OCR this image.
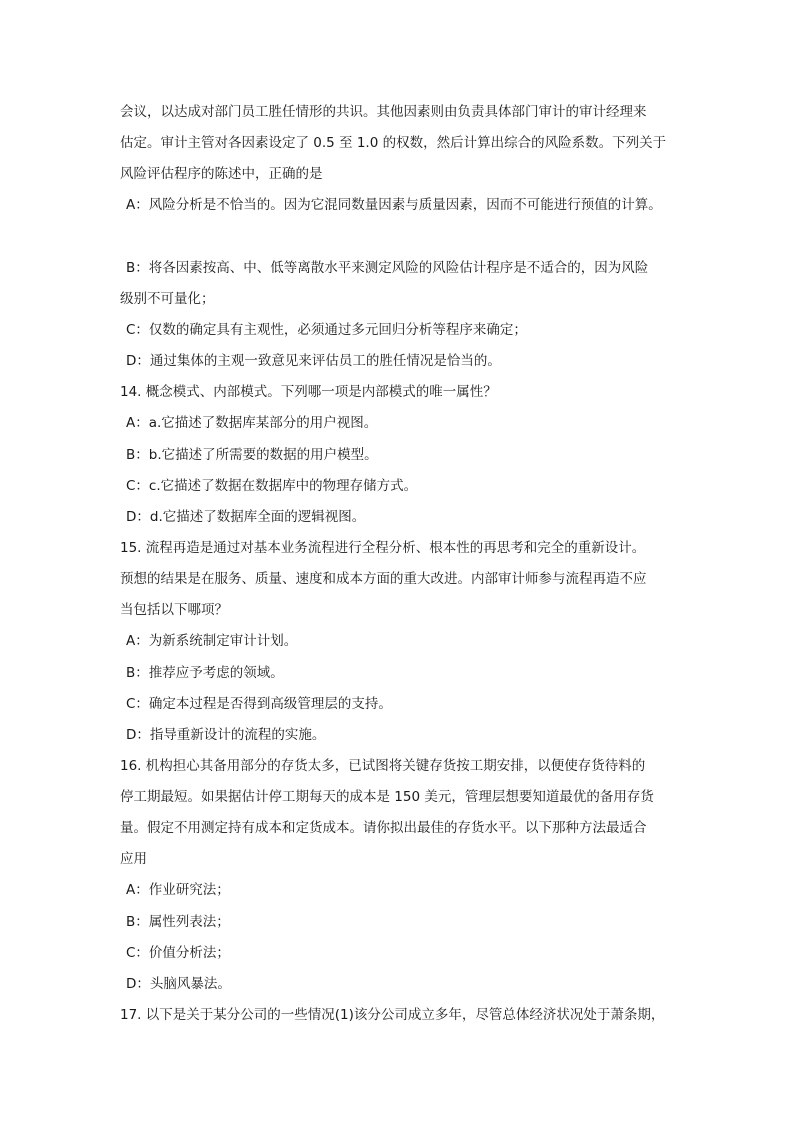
会议，以达成对部门员工胜任情形的共识。其他因素则由负责具体部门审计的审计经理来
估定。审计主管对各因素设定了 0.5 至 1.0 的权数，然后计算出综合的风险系数。下列关于
风险评估程序的陈述中，正确的是
A：风险分析是不恰当的。因为它混同数量因素与质量因素，因而不可能进行预值的计算。
B：将各因素按高、中、低等离散水平来测定风险的风险估计程序是不适合的，因为风险
级别不可量化；
C：仅数的确定具有主观性，必须通过多元回归分析等程序来确定；
D：通过集体的主观一致意见来评估员工的胜任情况是恰当的。
14. 概念模式、内部模式。下列哪一项是内部模式的唯一属性？
A：a.它描述了数据库某部分的用户视图。
B：b.它描述了所需要的数据的用户模型。
C：c.它描述了数据在数据库中的物理存储方式。
D：d.它描述了数据库全面的逻辑视图。
15. 流程再造是通过对基本业务流程进行全程分析、根本性的再思考和完全的重新设计。
预想的结果是在服务、质量、速度和成本方面的重大改进。内部审计师参与流程再造不应
当包括以下哪项？
A：为新系统制定审计计划。
B：推荐应予考虑的领域。
C：确定本过程是否得到高级管理层的支持。
D：指导重新设计的流程的实施。
16. 机构担心其备用部分的存货太多，已试图将关键存货按工期安排，以便使存货待料的
停工期最短。如果据估计停工期每天的成本是 150 美元，管理层想要知道最优的备用存货
量。假定不用测定持有成本和定货成本。请你拟出最佳的存货水平。以下那种方法最适合
应用
A：作业研究法；
B：属性列表法；
C：价值分析法；
D：头脑风暴法。
17. 以下是关于某分公司的一些情况(1)该分公司成立多年，尽管总体经济状况处于萧条期，
